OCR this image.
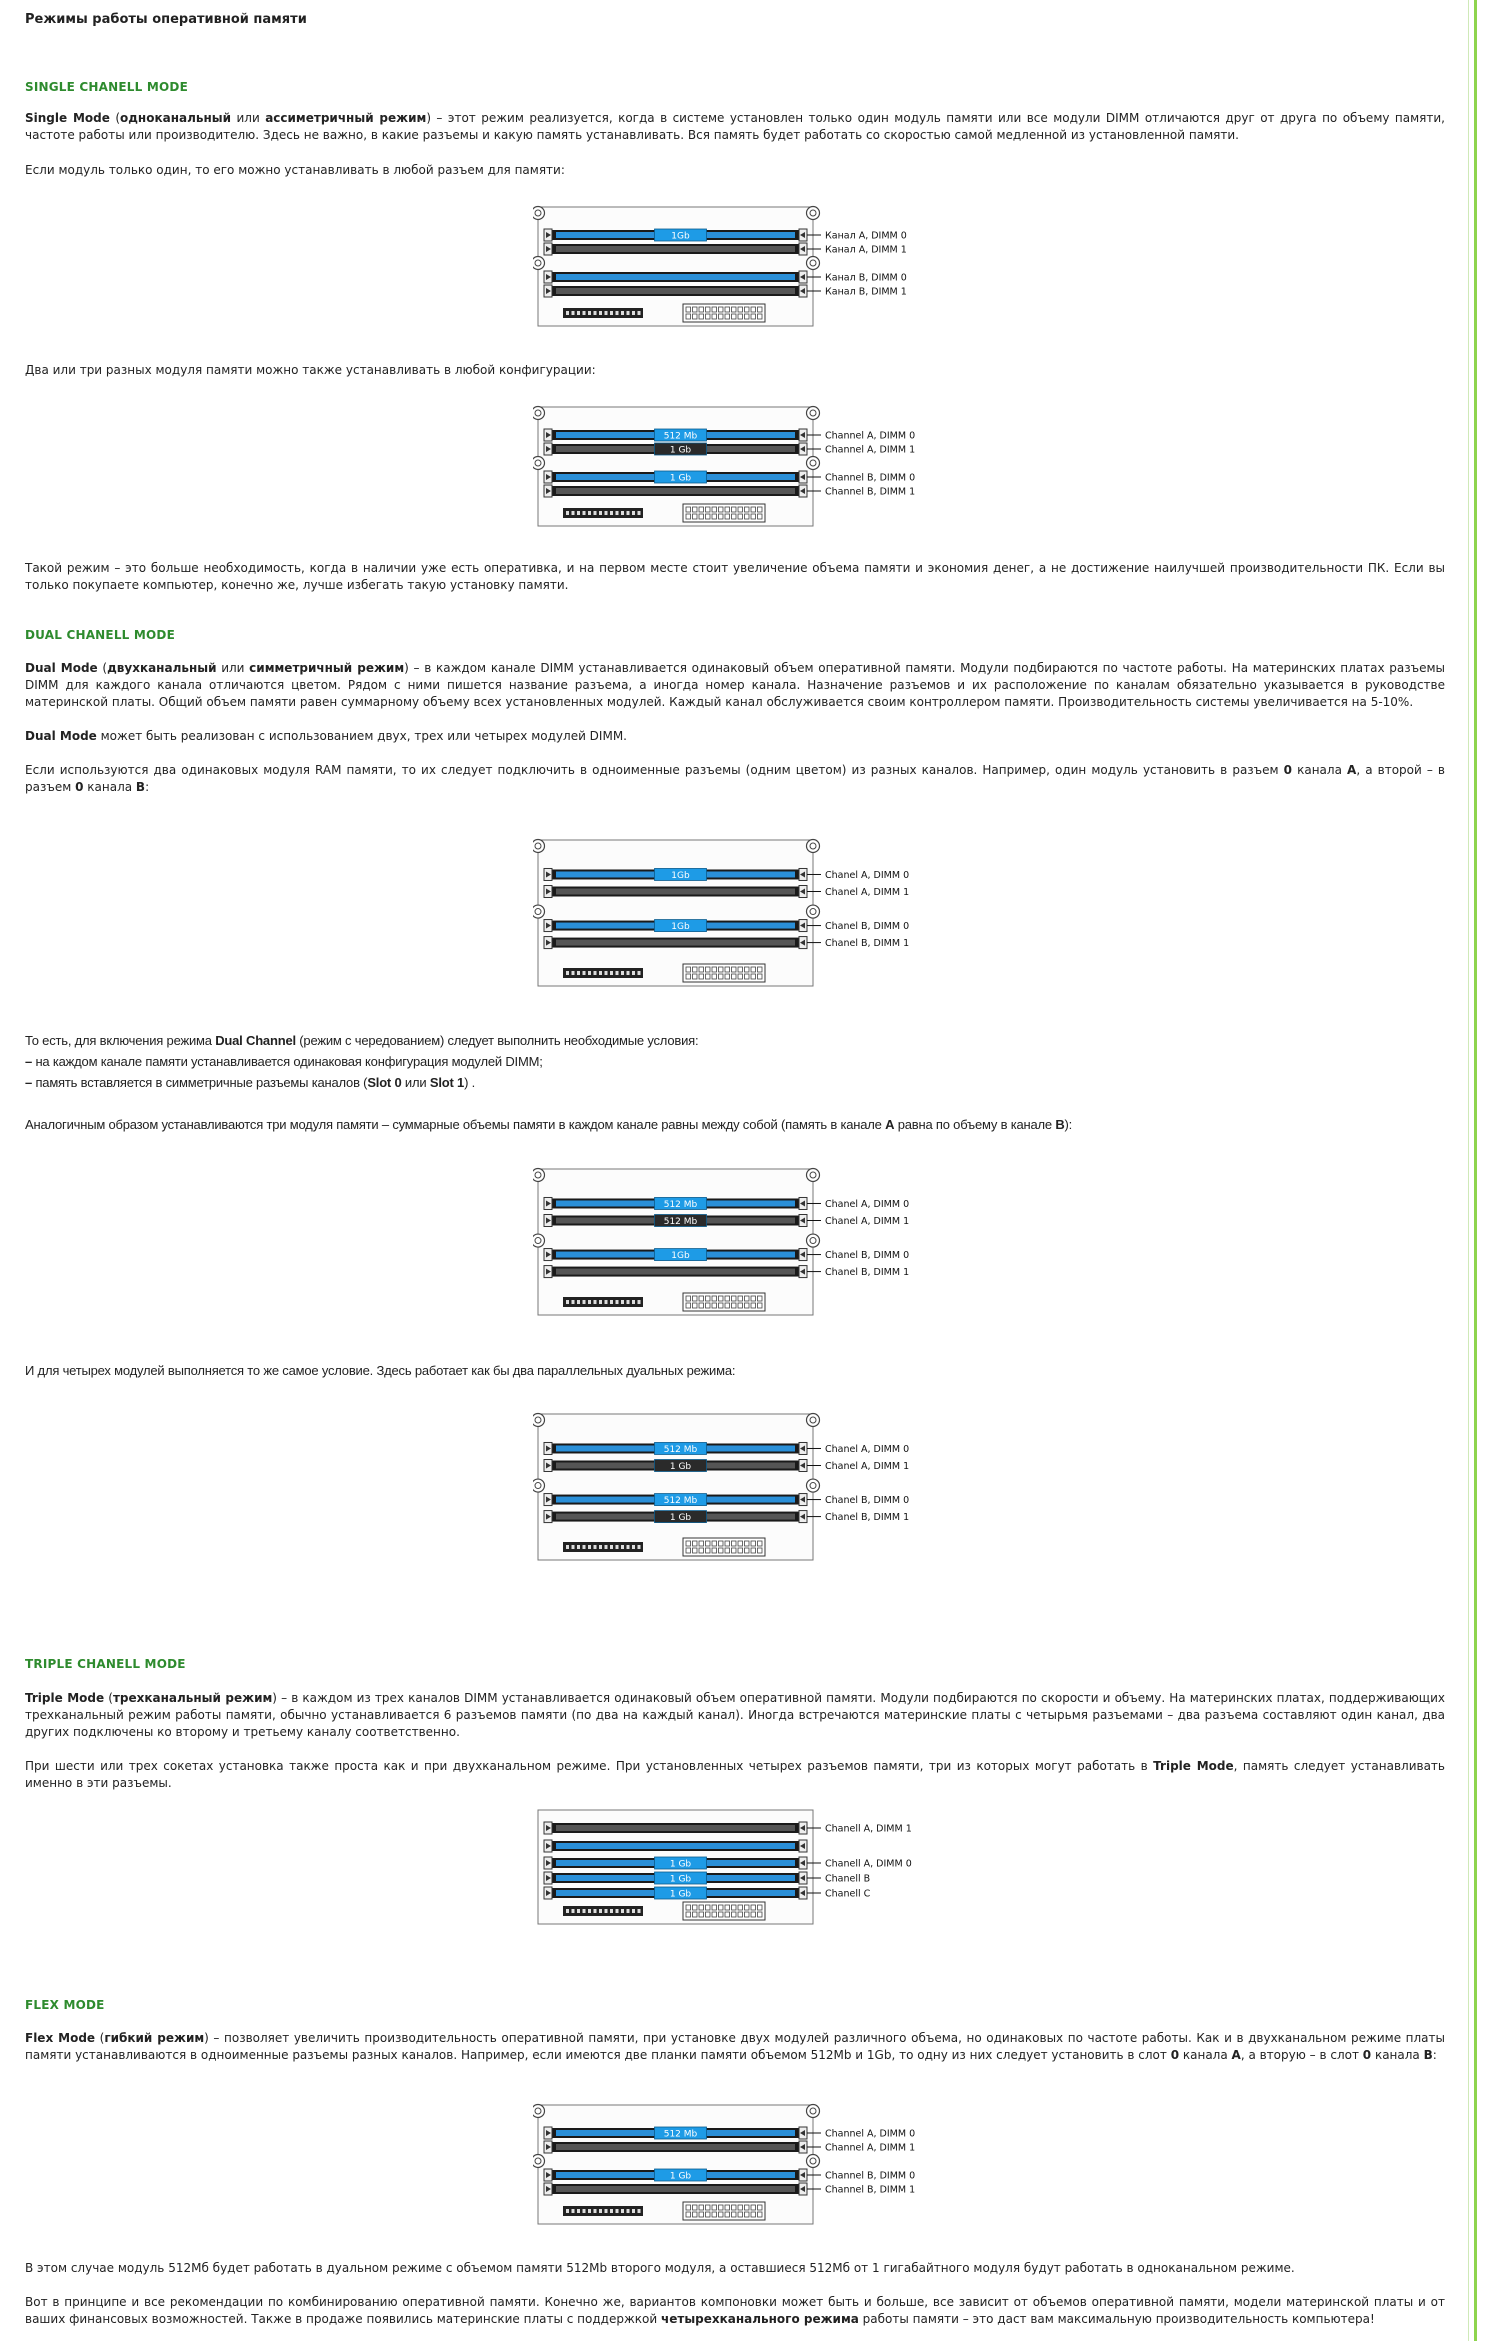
Режимы работы оперативной памяти
SINGLE CHANELL MODE
Single Mode (одноканальный или ассиметричный режим) – этот режим реализуется, когда в системе установлен только один модуль памяти или все модули DIMM отличаются друг от друга по объему памяти, частоте работы или производителю. Здесь не важно, в какие разъемы и какую память устанавливать. Вся память будет работать со скоростью самой медленной из установленной памяти.
Если модуль только один, то его можно устанавливать в любой разъем для памяти:
1Gb	Канал A, DIMM 0
Канал A, DIMM 1
Канал B, DIMM 0
Канал B, DIMM 1
Два или три разных модуля памяти можно также устанавливать в любой конфигурации:
512 Mb	Channel A, DIMM 0
1 Gb	Channel A, DIMM 1
1 Gb	Channel B, DIMM 0
Channel B, DIMM 1
Такой режим – это больше необходимость, когда в наличии уже есть оперативка, и на первом месте стоит увеличение объема памяти и экономия денег, а не достижение наилучшей производительности ПК. Если вы только покупаете компьютер, конечно же, лучше избегать такую установку памяти.
DUAL CHANELL MODE
Dual Mode (двухканальный или симметричный режим) – в каждом канале DIMM устанавливается одинаковый объем оперативной памяти. Модули подбираются по частоте работы. На материнских платах разъемы DIMM для каждого канала отличаются цветом. Рядом с ними пишется название разъема, а иногда номер канала. Назначение разъемов и их расположение по каналам обязательно указывается в руководстве материнской платы. Общий объем памяти равен суммарному объему всех установленных модулей. Каждый канал обслуживается своим контроллером памяти. Производительность системы увеличивается на 5-10%.
Dual Mode может быть реализован с использованием двух, трех или четырех модулей DIMM.
Если используются два одинаковых модуля RAM памяти, то их следует подключить в одноименные разъемы (одним цветом) из разных каналов. Например, один модуль установить в разъем 0 канала A, а второй – в разъем 0 канала B:
1Gb	Chanel A, DIMM 0
Chanel A, DIMM 1
1Gb	Chanel B, DIMM 0
Chanel B, DIMM 1
То есть, для включения режима Dual Channel (режим с чередованием) следует выполнить необходимые условия:
– на каждом канале памяти устанавливается одинаковая конфигурация модулей DIMM;
– память вставляется в симметричные разъемы каналов (Slot 0 или Slot 1) .
Аналогичным образом устанавливаются три модуля памяти – суммарные объемы памяти в каждом канале равны между собой (память в канале A равна по объему в канале B):
512 Mb	Chanel A, DIMM 0
512 Mb	Chanel A, DIMM 1
1Gb	Chanel B, DIMM 0
Chanel B, DIMM 1
И для четырех модулей выполняется то же самое условие. Здесь работает как бы два параллельных дуальных режима:
512 Mb	Chanel A, DIMM 0
1 Gb	Chanel A, DIMM 1
512 Mb	Chanel B, DIMM 0
1 Gb	Chanel B, DIMM 1
TRIPLE CHANELL MODE
Triple Mode (трехканальный режим) – в каждом из трех каналов DIMM устанавливается одинаковый объем оперативной памяти. Модули подбираются по скорости и объему. На материнских платах, поддерживающих трехканальный режим работы памяти, обычно устанавливается 6 разъемов памяти (по два на каждый канал). Иногда встречаются материнские платы с четырьмя разъемами – два разъема составляют один канал, два других подключены ко второму и третьему каналу соответственно.
При шести или трех сокетах установка также проста как и при двухканальном режиме. При установленных четырех разъемов памяти, три из которых могут работать в Triple Mode, память следует устанавливать именно в эти разъемы.
Chanell A, DIMM 1
1 Gb	Chanell A, DIMM 0
1 Gb	Chanell B
1 Gb	Chanell C
FLEX MODE
Flex Mode (гибкий режим) – позволяет увеличить производительность оперативной памяти, при установке двух модулей различного объема, но одинаковых по частоте работы. Как и в двухканальном режиме платы памяти устанавливаются в одноименные разъемы разных каналов. Например, если имеются две планки памяти объемом 512Mb и 1Gb, то одну из них следует установить в слот 0 канала A, а вторую – в слот 0 канала B:
512 Mb	Channel A, DIMM 0
Channel A, DIMM 1
1 Gb	Channel B, DIMM 0
Channel B, DIMM 1
В этом случае модуль 512Мб будет работать в дуальном режиме с объемом памяти 512Mb второго модуля, а оставшиеся 512Мб от 1 гигабайтного модуля будут работать в одноканальном режиме.
Вот в принципе и все рекомендации по комбинированию оперативной памяти. Конечно же, вариантов компоновки может быть и больше, все зависит от объемов оперативной памяти, модели материнской платы и от ваших финансовых возможностей. Также в продаже появились материнские платы с поддержкой четырехканального режима работы памяти – это даст вам максимальную производительность компьютера!
